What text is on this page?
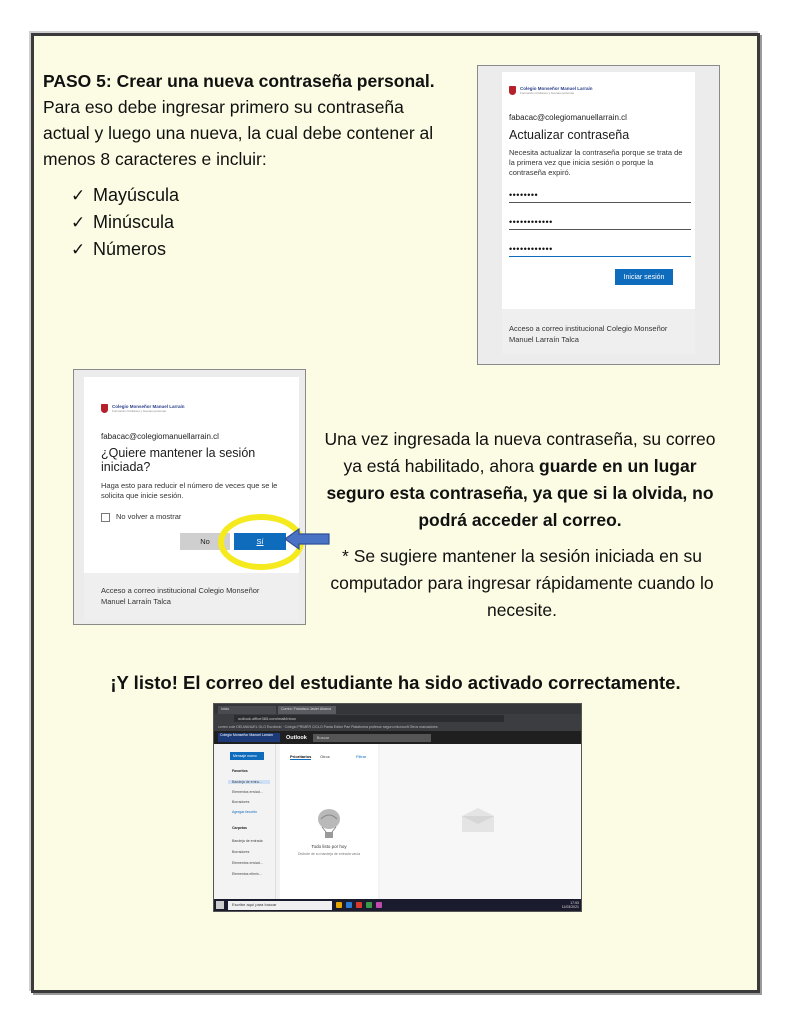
PASO 5: Crear una nueva contraseña personal. Para eso debe ingresar primero su contraseña actual y luego una nueva, la cual debe contener al menos 8 caracteres e incluir:

✓ Mayúscula
✓ Minúscula
✓ Números
Colegio Monseñor Manuel Larraín
Formando Cristianos y buenas personas
fabacac@colegiomanuellarrain.cl
Actualizar contraseña
Necesita actualizar la contraseña porque se trata de la primera vez que inicia sesión o porque la contraseña expiró.
••••••••
••••••••••••
••••••••••••
Iniciar sesión
Acceso a correo institucional Colegio Monseñor Manuel Larraín Talca
Colegio Monseñor Manuel Larraín
Formando Cristianos y buenas personas
fabacac@colegiomanuellarrain.cl
¿Quiere mantener la sesión iniciada?
Haga esto para reducir el número de veces que se le solicita que inicie sesión.
No volver a mostrar
No	Sí
Acceso a correo institucional Colegio Monseñor Manuel Larraín Talca

Una vez ingresada la nueva contraseña, su correo ya está habilitado, ahora guarde en un lugar seguro esta contraseña, ya que si la olvida, no podrá acceder al correo.

* Se sugiere mantener la sesión iniciada en su computador para ingresar rápidamente cuando lo necesite.

¡Y listo! El correo del estudiante ha sido activado correctamente.
Inicio	Correo: Francisco Javier Abarca
outlook.office365.com/mail/inbox
correo cole DELMANUEL GLO Escritorio · Colegio PRIMER CICLO Panta Editor Pari Plataforma profesor seguro.microsoft Otros marcadores
Colegio Monseñor Manuel Larraín	Outlook	Buscar
Mensaje nuevo
Favoritos
Bandeja de entra...
Elementos enviad...
Borradores
Agregar favorito
Carpetas
Bandeja de entrada
Borradores
Elementos enviad...
Elementos elimin...
Prioritarios Otros	Filtrar
Todo listo por hoy
Disfrute de su bandeja de entrada vacía
Escribe aquí para buscar	17:53
11/03/2021
